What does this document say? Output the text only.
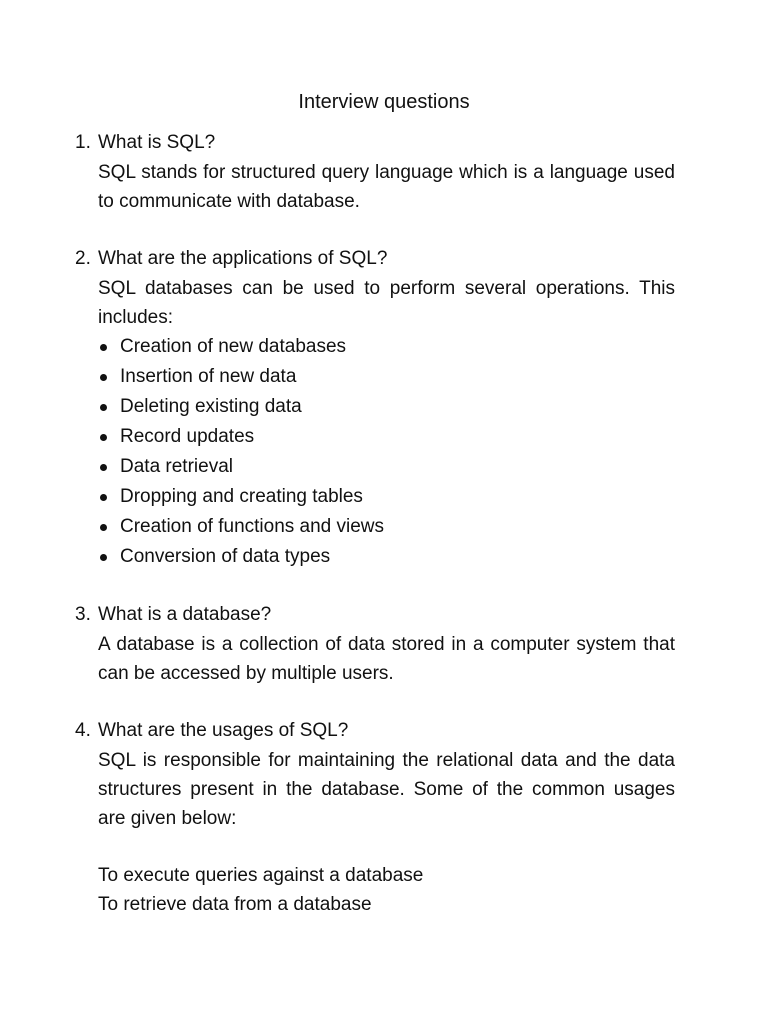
Interview questions
1. What is SQL?

SQL stands for structured query language which is a language used to communicate with database.

2. What are the applications of SQL?

SQL databases can be used to perform several operations. This includes:

Creation of new databases
Insertion of new data
Deleting existing data
Record updates
Data retrieval
Dropping and creating tables
Creation of functions and views
Conversion of data types
3. What is a database?

A database is a collection of data stored in a computer system that can be accessed by multiple users.

4. What are the usages of SQL?

SQL is responsible for maintaining the relational data and the data structures present in the database. Some of the common usages are given below:

To execute queries against a database
To retrieve data from a database
